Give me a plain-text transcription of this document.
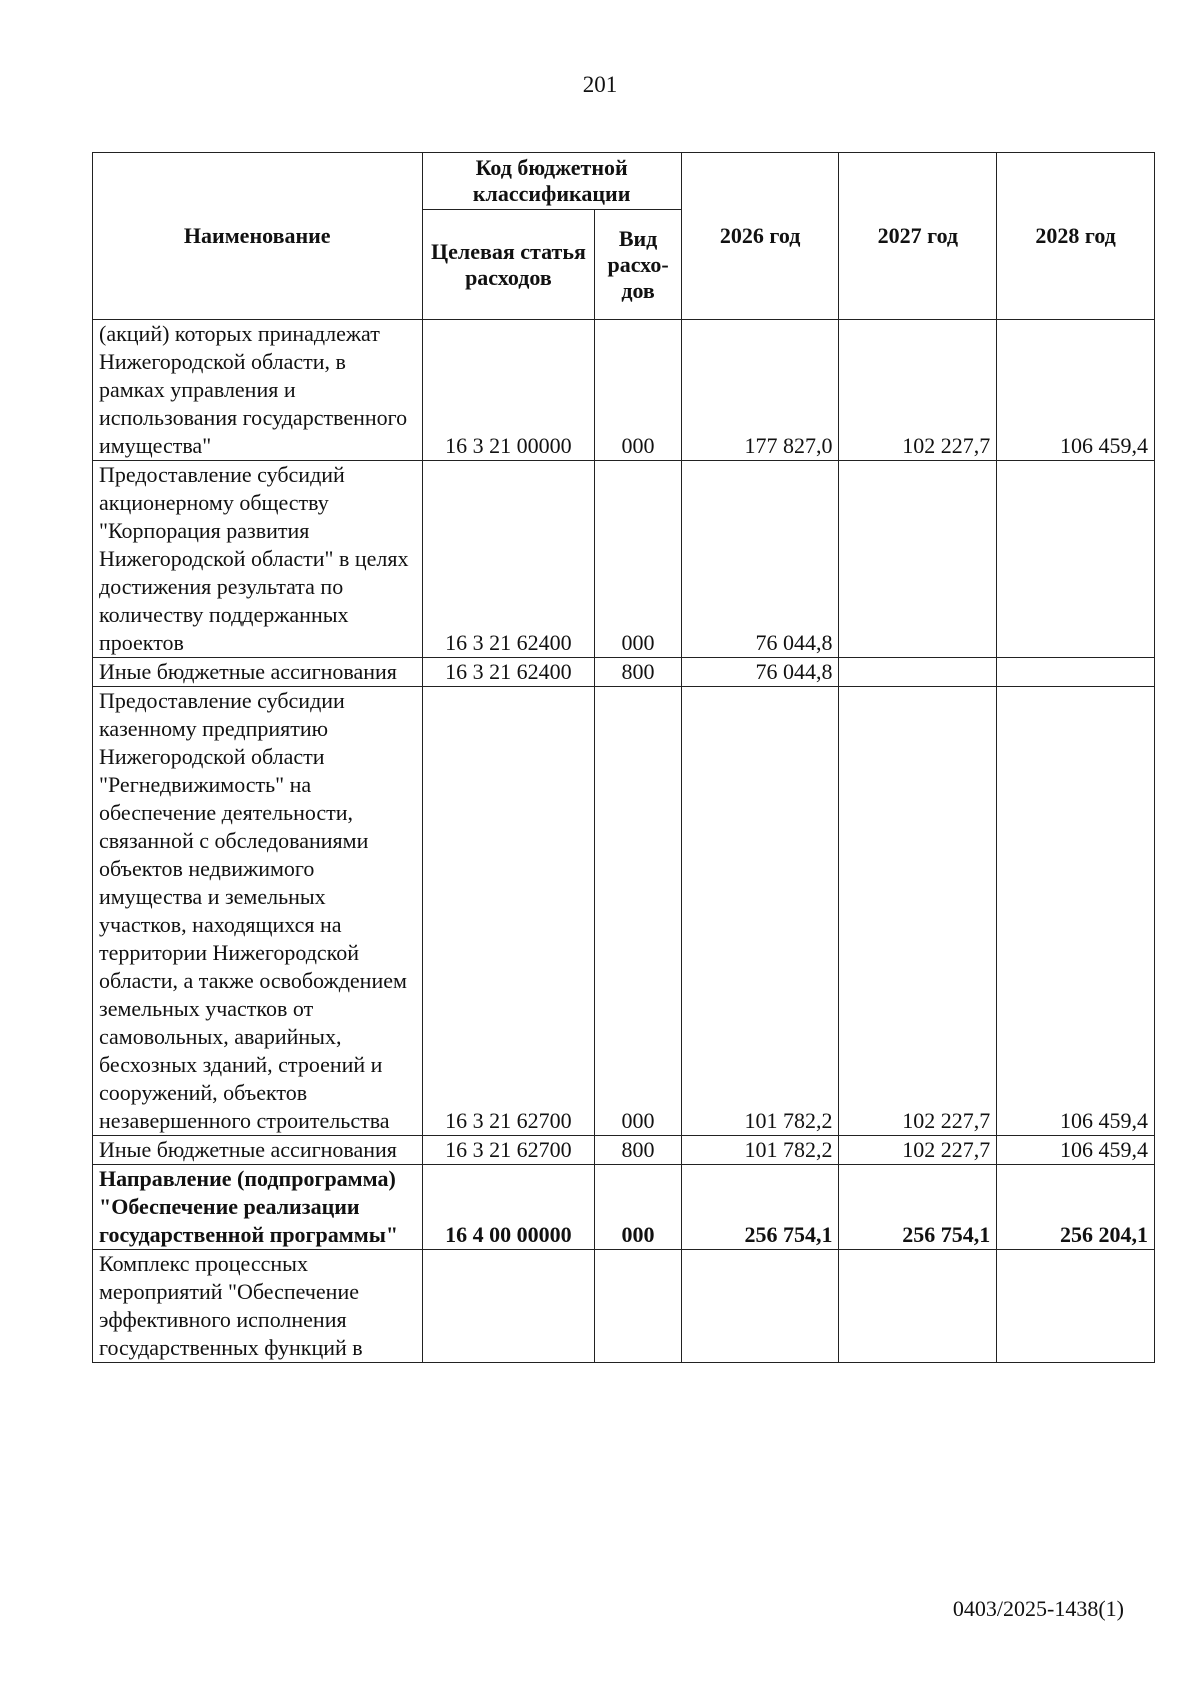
201
Наименование	Код бюджетной классификации		2026 год	2027 год	2028 год
	Целевая статья расходов	Вид расхо-дов			
(акций) которых принадлежат Нижегородской области, в рамках управления и использования государственного имущества"	16 3 21 00000	000	177 827,0	102 227,7	106 459,4
Предоставление субсидий акционерному обществу "Корпорация развития Нижегородской области" в целях достижения результата по количеству поддержанных проектов	16 3 21 62400	000	76 044,8		
Иные бюджетные ассигнования	16 3 21 62400	800	76 044,8		
Предоставление субсидии казенному предприятию Нижегородской области "Регнедвижимость" на обеспечение деятельности, связанной с обследованиями объектов недвижимого имущества и земельных участков, находящихся на территории Нижегородской области, а также освобождением земельных участков от самовольных, аварийных, бесхозных зданий, строений и сооружений, объектов незавершенного строительства	16 3 21 62700	000	101 782,2	102 227,7	106 459,4
Иные бюджетные ассигнования	16 3 21 62700	800	101 782,2	102 227,7	106 459,4
Направление (подпрограмма) "Обеспечение реализации государственной программы"	16 4 00 00000	000	256 754,1	256 754,1	256 204,1
Комплекс процессных мероприятий "Обеспечение эффективного исполнения государственных функций в					
0403/2025-1438(1)
